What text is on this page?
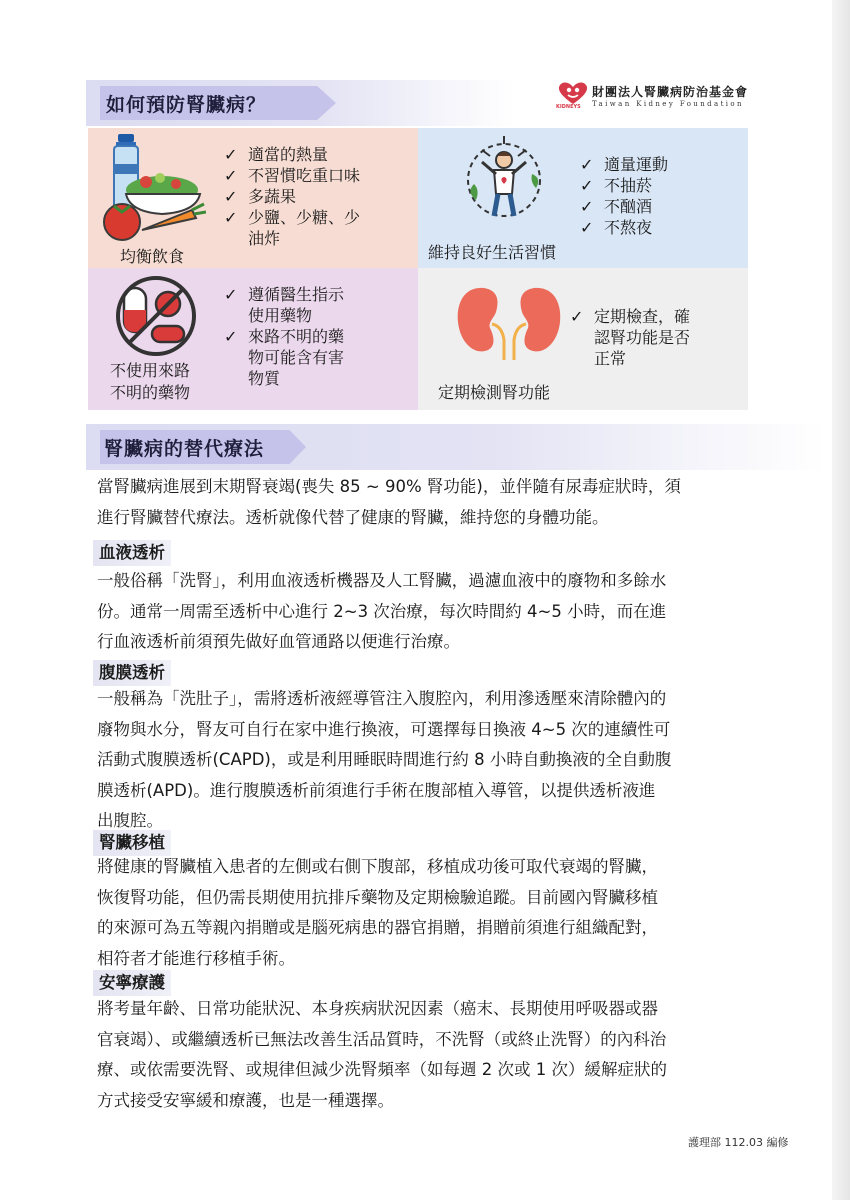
KIDNEYS
財團法人腎臟病防治基金會
Taiwan Kidney Foundation
如何預防腎臟病？
均衡飲食
✓ 適當的熱量
✓ 不習慣吃重口味
✓ 多蔬果
✓ 少鹽、少糖、少
油炸
維持良好生活習慣
✓ 適量運動
✓ 不抽菸
✓ 不酗酒
✓ 不熬夜
不使用來路
不明的藥物
✓ 遵循醫生指示
使用藥物
✓ 來路不明的藥
物可能含有害
物質
定期檢測腎功能
✓ 定期檢查，確
認腎功能是否
正常
腎臟病的替代療法
當腎臟病進展到末期腎衰竭(喪失 85 ~ 90% 腎功能)，並伴隨有尿毒症狀時，須
進行腎臟替代療法。透析就像代替了健康的腎臟，維持您的身體功能。
血液透析
一般俗稱「洗腎」，利用血液透析機器及人工腎臟，過濾血液中的廢物和多餘水
份。通常一周需至透析中心進行 2~3 次治療，每次時間約 4~5 小時，而在進
行血液透析前須預先做好血管通路以便進行治療。
腹膜透析
一般稱為「洗肚子」，需將透析液經導管注入腹腔內，利用滲透壓來清除體內的
廢物與水分，腎友可自行在家中進行換液，可選擇每日換液 4~5 次的連續性可
活動式腹膜透析(CAPD)，或是利用睡眠時間進行約 8 小時自動換液的全自動腹
膜透析(APD)。進行腹膜透析前須進行手術在腹部植入導管，以提供透析液進
出腹腔。
腎臟移植
將健康的腎臟植入患者的左側或右側下腹部，移植成功後可取代衰竭的腎臟，
恢復腎功能，但仍需長期使用抗排斥藥物及定期檢驗追蹤。目前國內腎臟移植
的來源可為五等親內捐贈或是腦死病患的器官捐贈，捐贈前須進行組織配對，
相符者才能進行移植手術。
安寧療護
將考量年齡、日常功能狀況、本身疾病狀況因素（癌末、長期使用呼吸器或器
官衰竭）、或繼續透析已無法改善生活品質時，不洗腎（或終止洗腎）的內科治
療、或依需要洗腎、或規律但減少洗腎頻率（如每週 2 次或 1 次）緩解症狀的
方式接受安寧緩和療護，也是一種選擇。
護理部 112.03 編修
